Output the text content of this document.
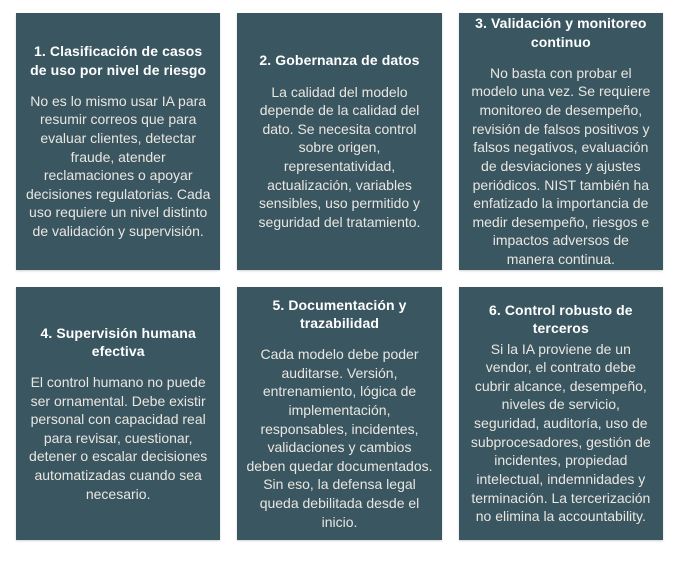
1. Clasificación de casos de uso por nivel de riesgo

No es lo mismo usar IA para resumir correos que para evaluar clientes, detectar fraude, atender reclamaciones o apoyar decisiones regulatorias. Cada uso requiere un nivel distinto de validación y supervisión.

2. Gobernanza de datos

La calidad del modelo depende de la calidad del dato. Se necesita control sobre origen, representatividad, actualización, variables sensibles, uso permitido y seguridad del tratamiento.

3. Validación y monitoreo continuo

No basta con probar el modelo una vez. Se requiere monitoreo de desempeño, revisión de falsos positivos y falsos negativos, evaluación de desviaciones y ajustes periódicos. NIST también ha enfatizado la importancia de medir desempeño, riesgos e impactos adversos de manera continua.

4. Supervisión humana efectiva

El control humano no puede ser ornamental. Debe existir personal con capacidad real para revisar, cuestionar, detener o escalar decisiones automatizadas cuando sea necesario.

5. Documentación y trazabilidad

Cada modelo debe poder auditarse. Versión, entrenamiento, lógica de implementación, responsables, incidentes, validaciones y cambios deben quedar documentados. Sin eso, la defensa legal queda debilitada desde el inicio.

6. Control robusto de terceros

Si la IA proviene de un vendor, el contrato debe cubrir alcance, desempeño, niveles de servicio, seguridad, auditoría, uso de subprocesadores, gestión de incidentes, propiedad intelectual, indemnidades y terminación. La tercerización no elimina la accountability.
